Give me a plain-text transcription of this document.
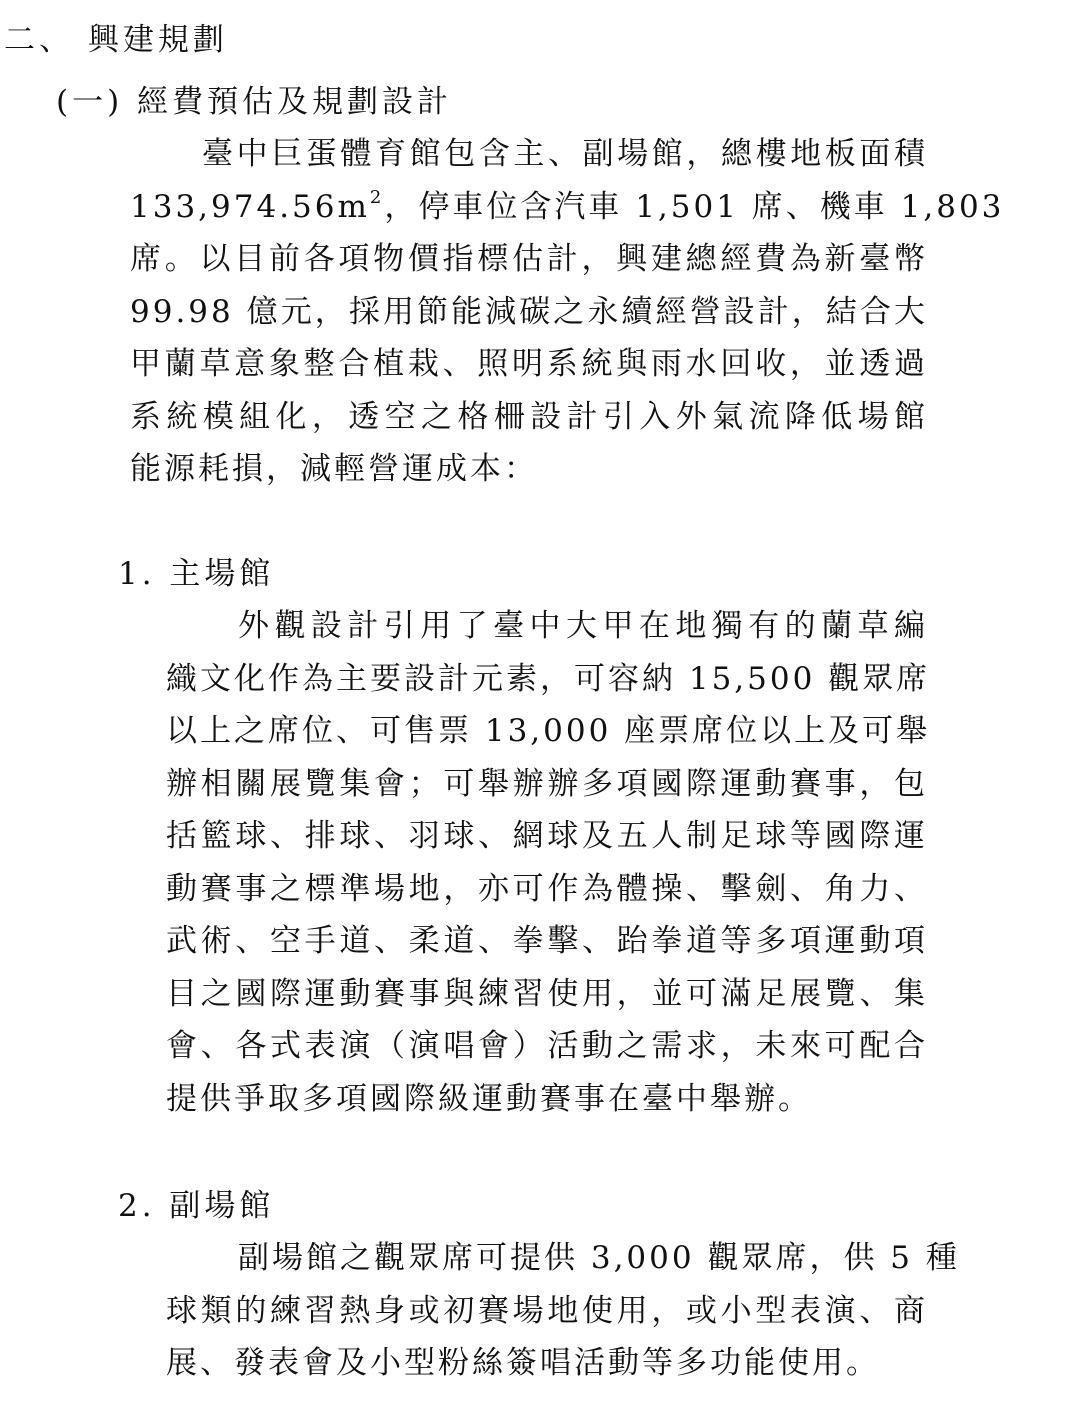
二、 興建規劃
(一) 經費預估及規劃設計
臺中巨蛋體育館包含主、副場館，總樓地板面積
$133,974.56m^2$，停車位含汽車 1,501 席、機車 1,803
席。以目前各項物價指標估計，興建總經費為新臺幣
99.98 億元，採用節能減碳之永續經營設計，結合大
甲蘭草意象整合植栽、照明系統與雨水回收，並透過
系統模組化，透空之格柵設計引入外氣流降低場館
能源耗損，減輕營運成本：
1. 主場館
外觀設計引用了臺中大甲在地獨有的蘭草編
織文化作為主要設計元素，可容納 15,500 觀眾席
以上之席位、可售票 13,000 座票席位以上及可舉
辦相關展覽集會；可舉辦辦多項國際運動賽事，包
括籃球、排球、羽球、網球及五人制足球等國際運
動賽事之標準場地，亦可作為體操、擊劍、角力、
武術、空手道、柔道、拳擊、跆拳道等多項運動項
目之國際運動賽事與練習使用，並可滿足展覽、集
會、各式表演（演唱會）活動之需求，未來可配合
提供爭取多項國際級運動賽事在臺中舉辦。
2. 副場館
副場館之觀眾席可提供 3,000 觀眾席，供 5 種
球類的練習熱身或初賽場地使用，或小型表演、商
展、發表會及小型粉絲簽唱活動等多功能使用。
